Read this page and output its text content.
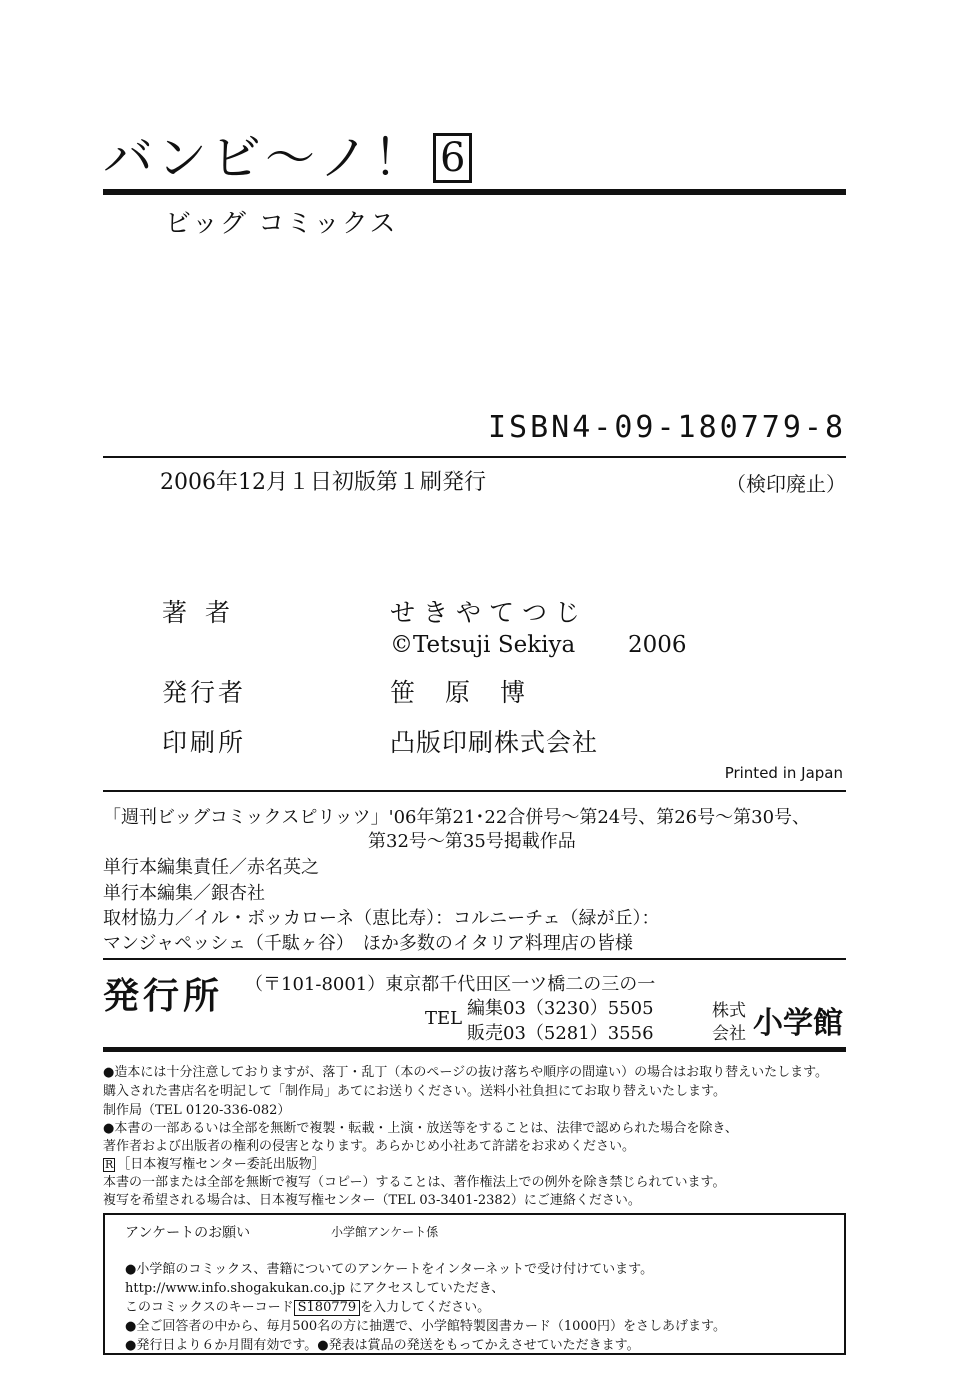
バンビ〜ノ！ 6
ビッグ コミックス
ISBN4-09-180779-8
2006年12月１日初版第１刷発行	（検印廃止）
著者	せきやてつじ
©Tetsuji Sekiya 2006
発行者	笹原博
印刷所	凸版印刷株式会社
Printed in Japan
「週刊ビッグコミックスピリッツ」'06年第21･22合併号〜第24号、第26号〜第30号、
第32号〜第35号掲載作品
単行本編集責任／赤名英之
単行本編集／銀杏社
取材協力／イル・ボッカローネ（恵比寿）：コルニーチェ（緑が丘）：
マンジャペッシェ（千駄ヶ谷）　ほか多数のイタリア料理店の皆様
発行所 （〒101-8001）東京都千代田区一ツ橋二の三の一
TEL 編集03（3230）5505
販売03（5281）3556
株式
会社 小学館
●造本には十分注意しておりますが、落丁・乱丁（本のページの抜け落ちや順序の間違い）の場合はお取り替えいたします。
購入された書店名を明記して「制作局」あてにお送りください。送料小社負担にてお取り替えいたします。
制作局（TEL 0120-336-082）
●本書の一部あるいは全部を無断で複製・転載・上演・放送等をすることは、法律で認められた場合を除き、
著作者および出版者の権利の侵害となります。あらかじめ小社あて許諾をお求めください。
R ［日本複写権センター委託出版物］
本書の一部または全部を無断で複写（コピー）することは、著作権法上での例外を除き禁じられています。
複写を希望される場合は、日本複写権センター（TEL 03-3401-2382）にご連絡ください。
アンケートのお願い	小学館アンケート係
●小学館のコミックス、書籍についてのアンケートをインターネットで受け付けています。
http://www.info.shogakukan.co.jp にアクセスしていただき、
このコミックスのキーコード S180779 を入力してください。
●全ご回答者の中から、毎月500名の方に抽選で、小学館特製図書カード（1000円）をさしあげます。
●発行日より６か月間有効です。●発表は賞品の発送をもってかえさせていただきます。
